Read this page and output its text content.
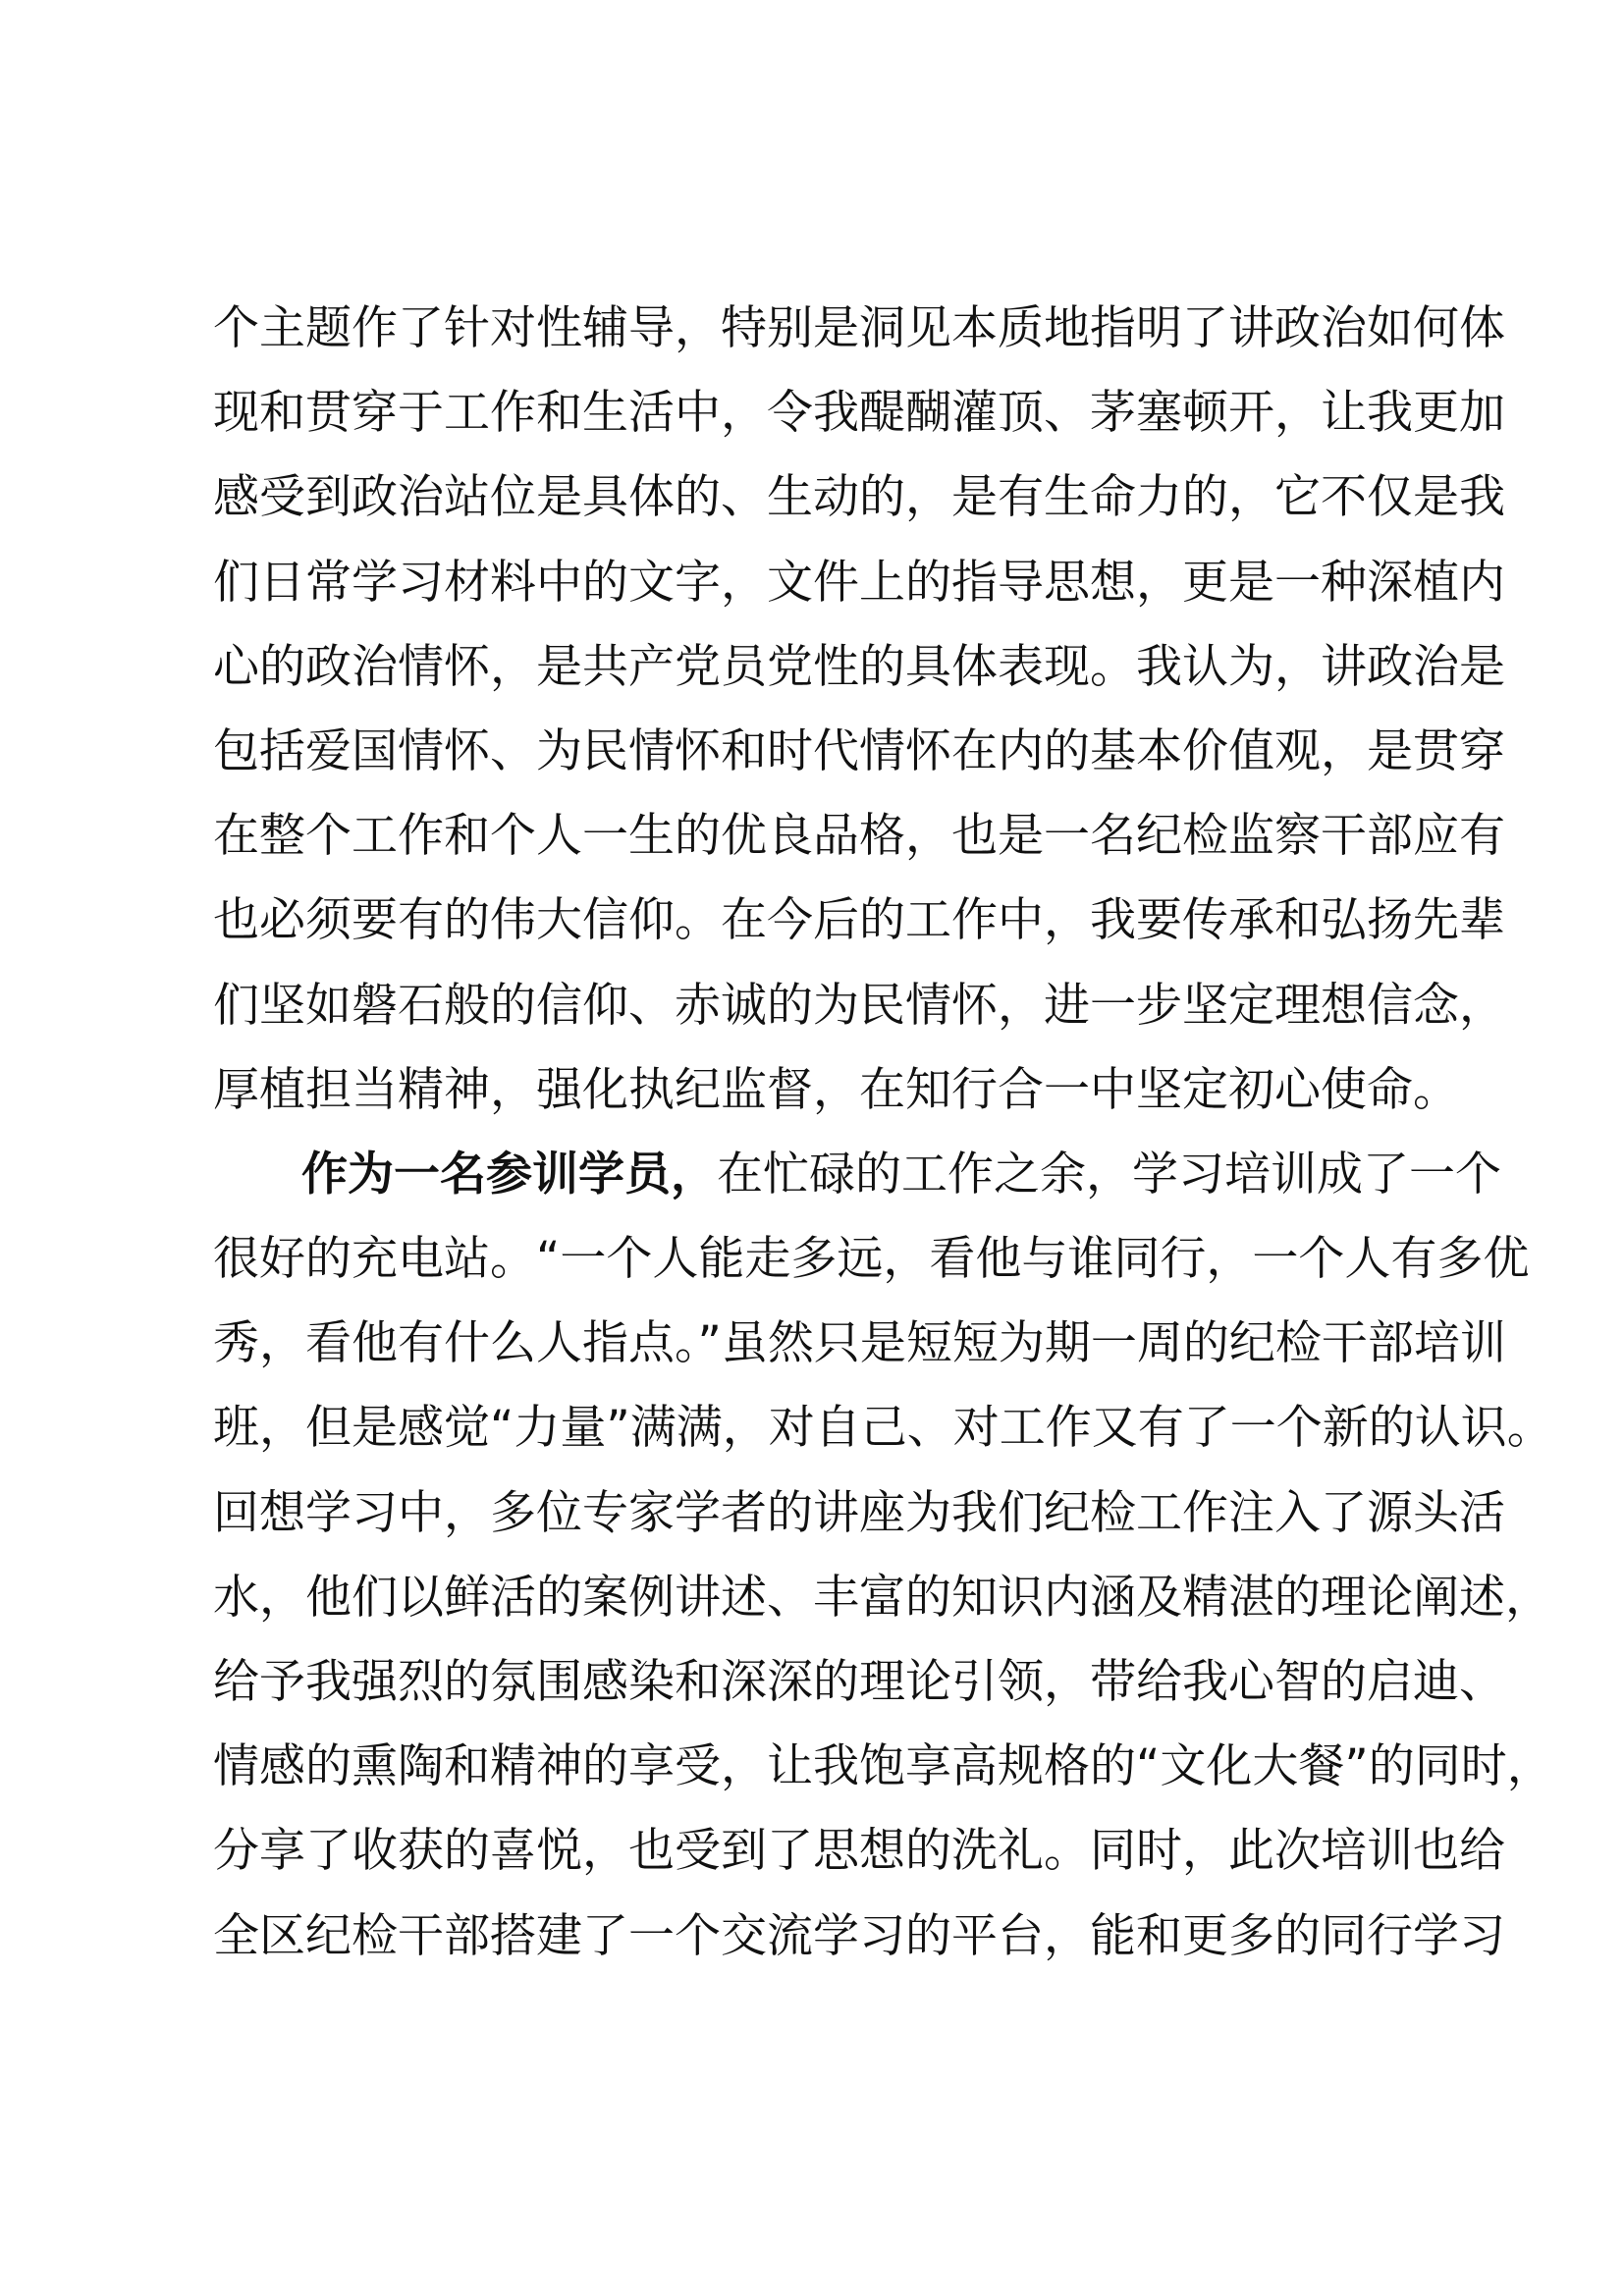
个主题作了针对性辅导，特别是洞见本质地指明了讲政治如何体
现和贯穿于工作和生活中，令我醍醐灌顶、茅塞顿开，让我更加
感受到政治站位是具体的、生动的，是有生命力的，它不仅是我
们日常学习材料中的文字，文件上的指导思想，更是一种深植内
心的政治情怀，是共产党员党性的具体表现。我认为，讲政治是
包括爱国情怀、为民情怀和时代情怀在内的基本价值观，是贯穿
在整个工作和个人一生的优良品格，也是一名纪检监察干部应有
也必须要有的伟大信仰。在今后的工作中，我要传承和弘扬先辈
们坚如磐石般的信仰、赤诚的为民情怀，进一步坚定理想信念，
厚植担当精神，强化执纪监督，在知行合一中坚定初心使命。
作为一名参训学员，在忙碌的工作之余，学习培训成了一个
很好的充电站。“一个人能走多远，看他与谁同行，一个人有多优
秀，看他有什么人指点。”虽然只是短短为期一周的纪检干部培训
班，但是感觉“力量”满满，对自己、对工作又有了一个新的认识。
回想学习中，多位专家学者的讲座为我们纪检工作注入了源头活
水，他们以鲜活的案例讲述、丰富的知识内涵及精湛的理论阐述，
给予我强烈的氛围感染和深深的理论引领，带给我心智的启迪、
情感的熏陶和精神的享受，让我饱享高规格的“文化大餐”的同时，
分享了收获的喜悦，也受到了思想的洗礼。同时，此次培训也给
全区纪检干部搭建了一个交流学习的平台，能和更多的同行学习
